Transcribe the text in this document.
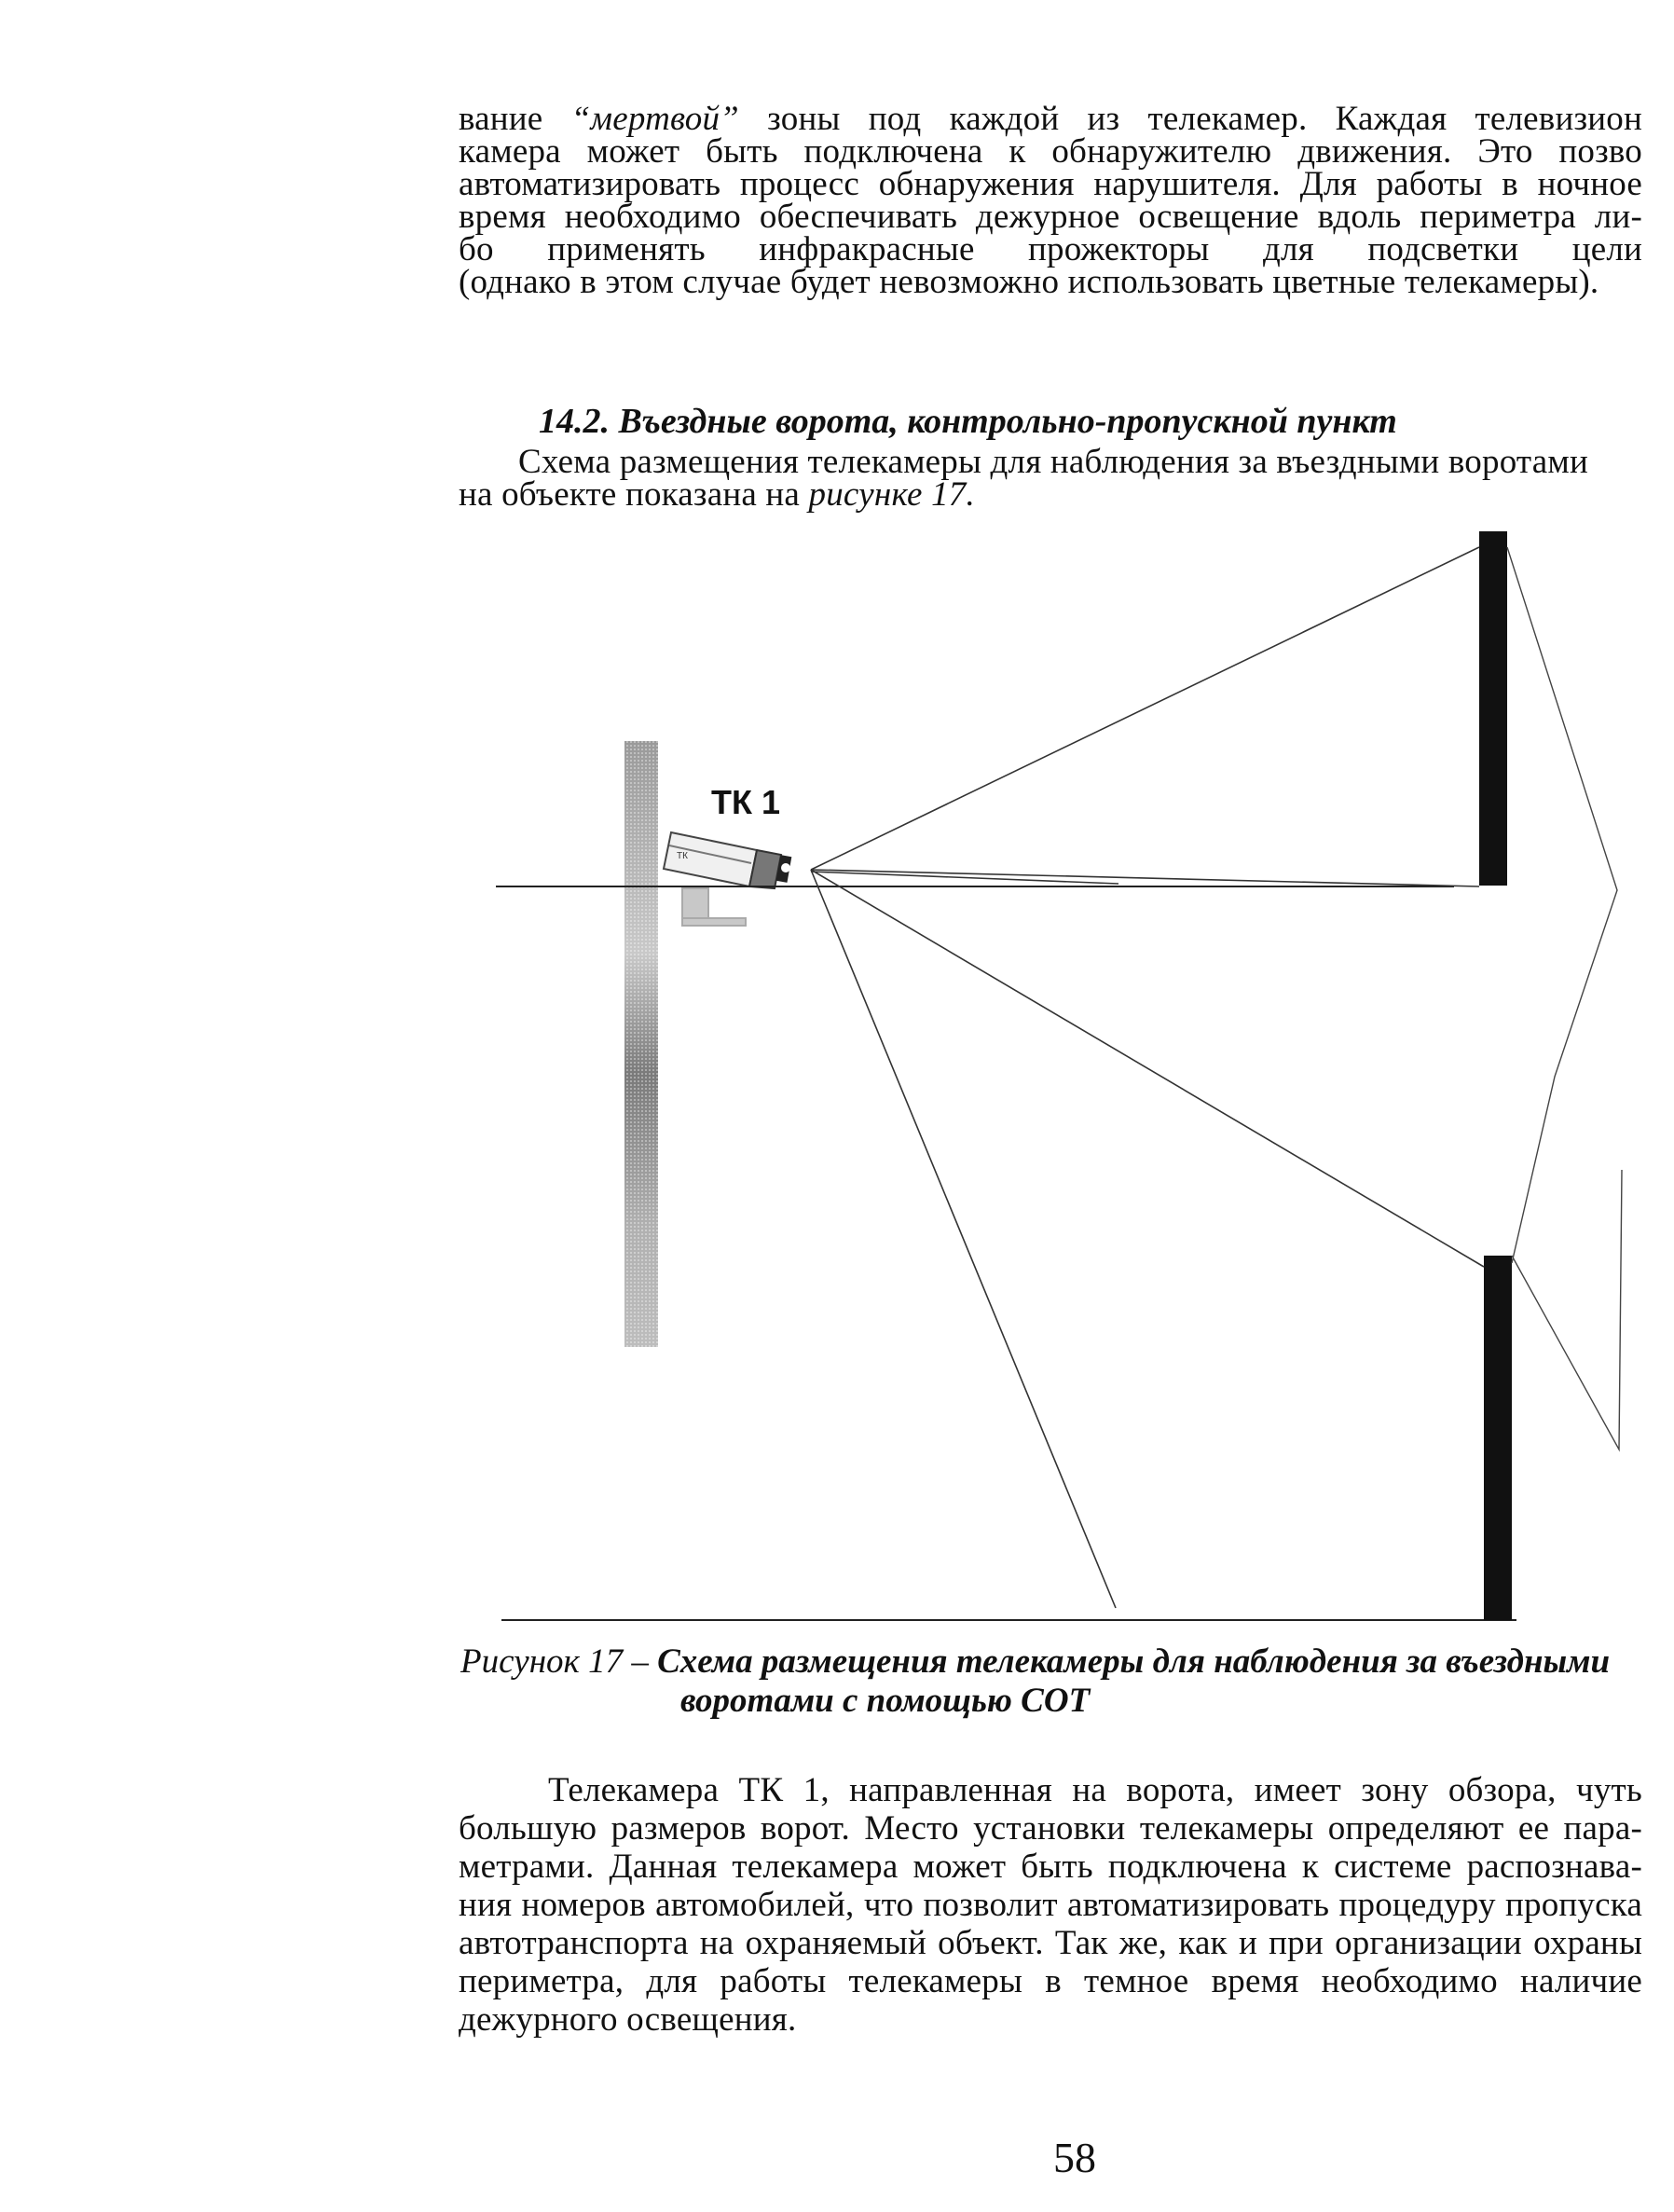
вание “мертвой” зоны под каждой из телекамер. Каждая телевизион
камера может быть подключена к обнаружителю движения. Это позво
автоматизировать процесс обнаружения нарушителя. Для работы в ночное
время необходимо обеспечивать дежурное освещение вдоль периметра ли-
бо применять инфракрасные прожекторы для подсветки цели
(однако в этом случае будет невозможно использовать цветные телекамеры).
14.2. Въездные ворота, контрольно-пропускной пункт
Схема размещения телекамеры для наблюдения за въездными воротами
на объекте показана на рисунке 17.
ТК
ТК 1
Рисунок 17 – Схема размещения телекамеры для наблюдения за въездными
воротами с помощью СОТ
Телекамера ТК 1, направленная на ворота, имеет зону обзора, чуть
большую размеров ворот. Место установки телекамеры определяют ее пара-
метрами. Данная телекамера может быть подключена к системе распознава-
ния номеров автомобилей, что позволит автоматизировать процедуру пропуска
автотранспорта на охраняемый объект. Так же, как и при организации охраны
периметра, для работы телекамеры в темное время необходимо наличие
дежурного освещения.
58
